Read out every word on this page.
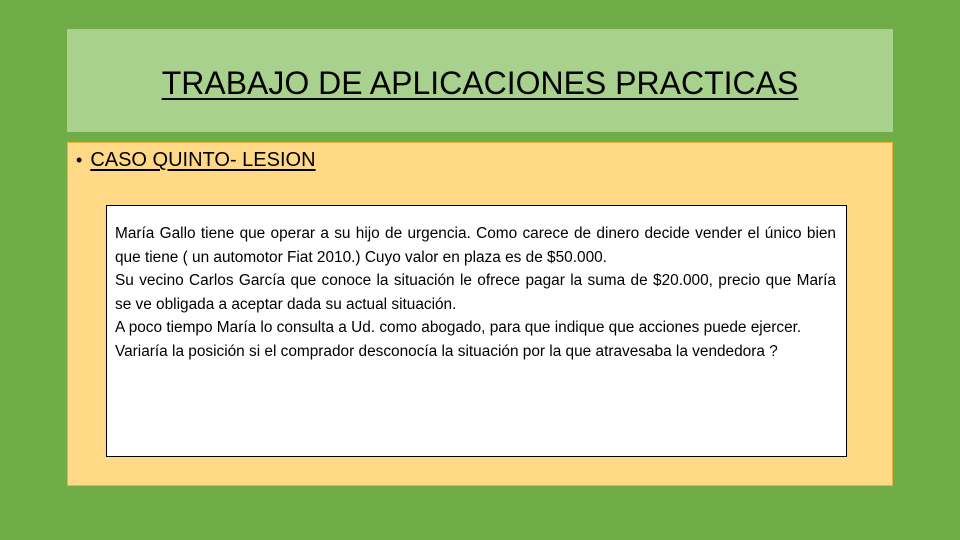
TRABAJO DE APLICACIONES PRACTICAS
• CASO QUINTO- LESION

María Gallo tiene que operar a su hijo de urgencia. Como carece de dinero decide vender el único bien que tiene ( un automotor Fiat 2010.) Cuyo valor en plaza es de $50.000.

Su vecino Carlos García que conoce la situación le ofrece pagar la suma de $20.000, precio que María se ve obligada a aceptar dada su actual situación.

A poco tiempo María lo consulta a Ud. como abogado, para que indique que acciones puede ejercer.

Variaría la posición si el comprador desconocía la situación por la que atravesaba la vendedora ?
